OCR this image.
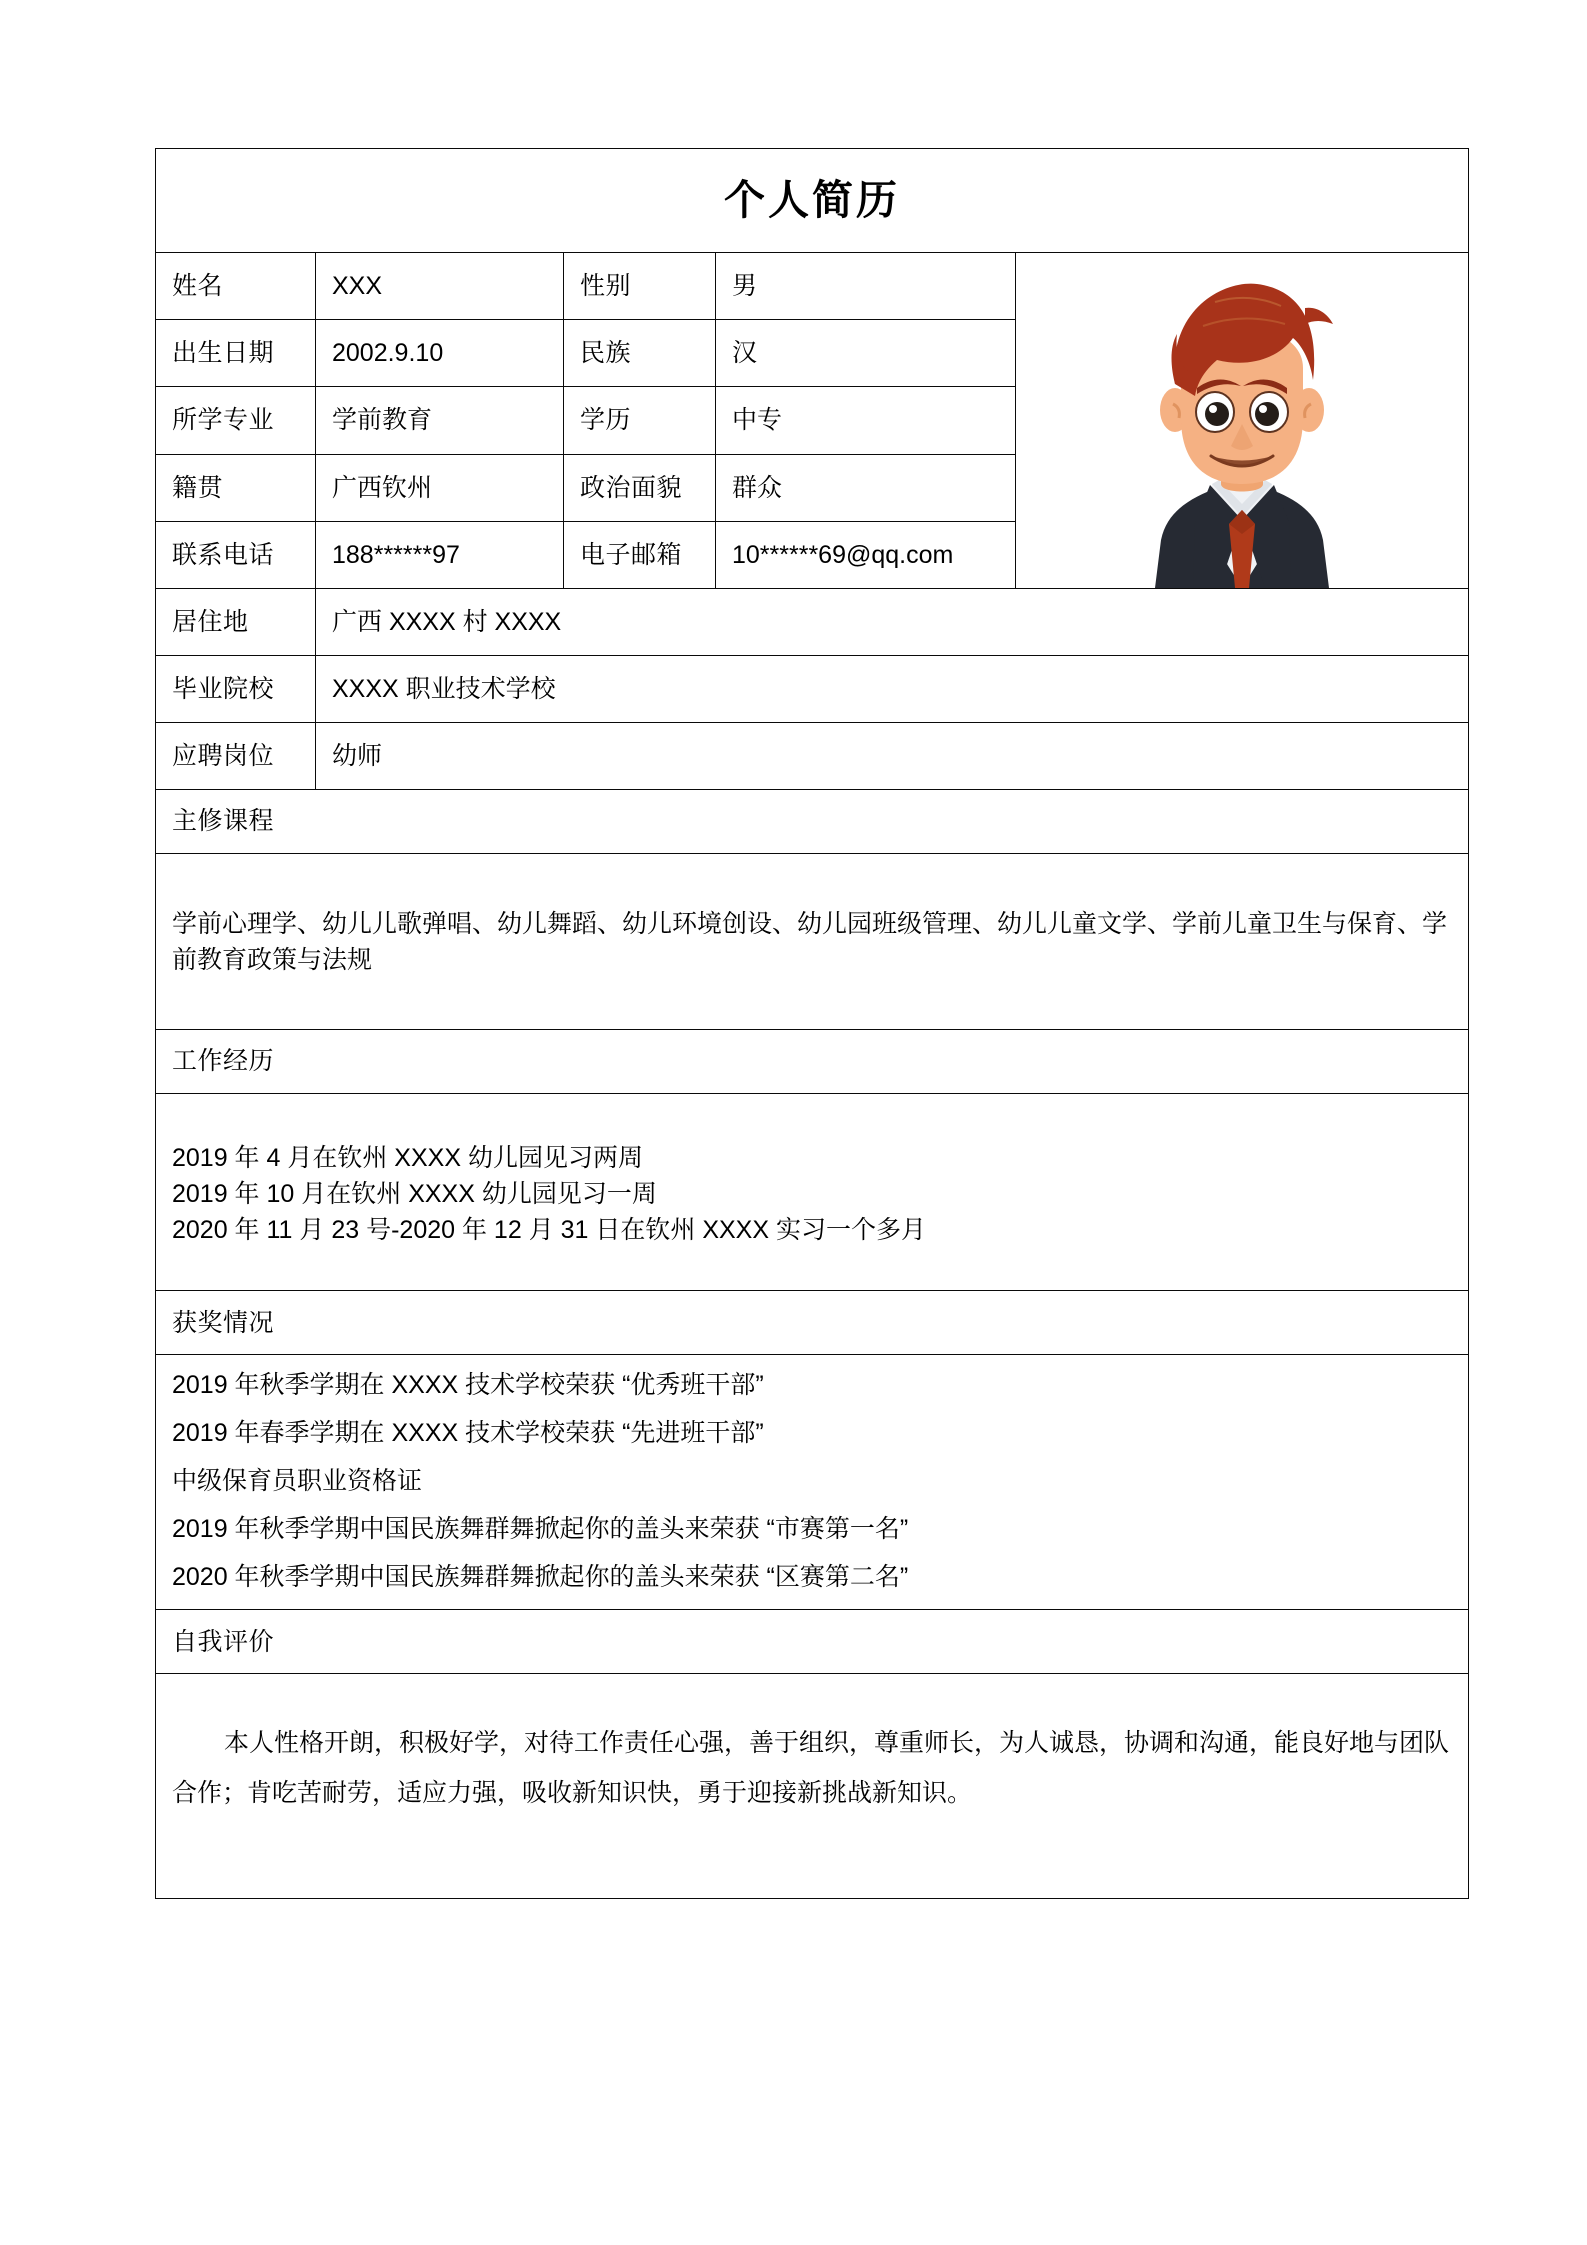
个人简历				

姓名	XXX	性别	男	

出生日期	2002.9.10	民族	汉	
所学专业	学前教育	学历	中专	
籍贯	广西钦州	政治面貌	群众	
联系电话	188******97	电子邮箱	10******69@qq.com	
居住地	广西 XXXX 村 XXXX			
毕业院校	XXXX 职业技术学校			
应聘岗位	幼师			
主修课程				

学前心理学、幼儿儿歌弹唱、幼儿舞蹈、幼儿环境创设、幼儿园班级管理、幼儿儿童文学、学前儿童卫生与保育、学前教育政策与法规				

工作经历				

2019 年 4 月在钦州 XXXX 幼儿园见习两周

2019 年 10 月在钦州 XXXX 幼儿园见习一周

2020 年 11 月 23 号-2020 年 12 月 31 日在钦州 XXXX 实习一个多月				

获奖情况				

2019 年秋季学期在 XXXX 技术学校荣获 “优秀班干部”

2019 年春季学期在 XXXX 技术学校荣获 “先进班干部”

中级保育员职业资格证

2019 年秋季学期中国民族舞群舞掀起你的盖头来荣获 “市赛第一名”

2020 年秋季学期中国民族舞群舞掀起你的盖头来荣获 “区赛第二名”				

自我评价				

本人性格开朗，积极好学，对待工作责任心强，善于组织，尊重师长，为人诚恳，协调和沟通，能良好地与团队合作；肯吃苦耐劳，适应力强，吸收新知识快，勇于迎接新挑战新知识。				
